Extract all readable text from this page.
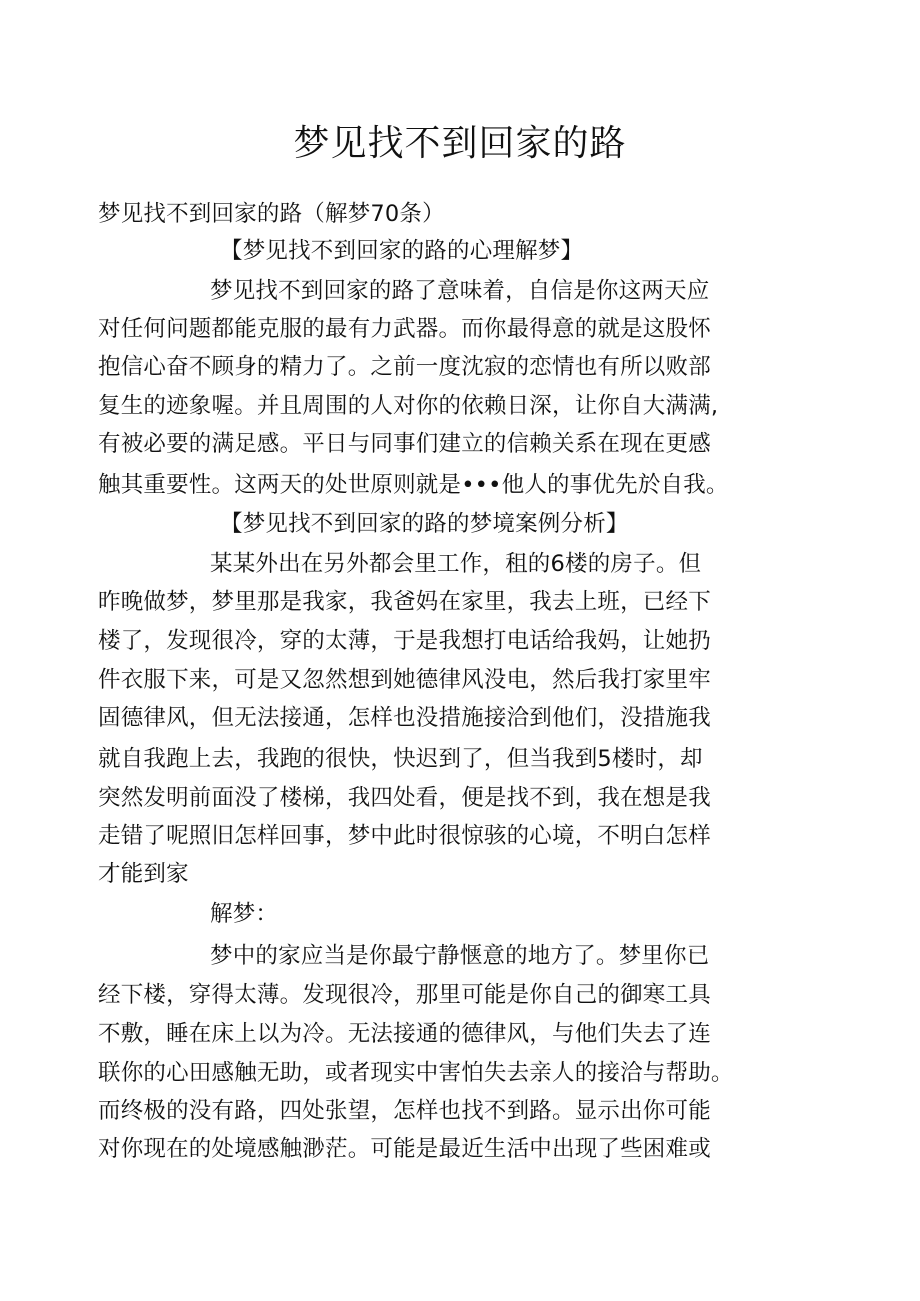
梦见找不到回家的路
梦见找不到回家的路（解梦70条）
【梦见找不到回家的路的心理解梦】
梦见找不到回家的路了意味着，自信是你这两天应
对任何问题都能克服的最有力武器。而你最得意的就是这股怀
抱信心奋不顾身的精力了。之前一度沈寂的恋情也有所以败部
复生的迹象喔。并且周围的人对你的依赖日深，让你自大满满,
有被必要的满足感。平日与同事们建立的信赖关系在现在更感
触其重要性。这两天的处世原则就是•••他人的事优先於自我。
【梦见找不到回家的路的梦境案例分析】
某某外出在另外都会里工作，租的6楼的房子。但
昨晚做梦，梦里那是我家，我爸妈在家里，我去上班，已经下
楼了，发现很冷，穿的太薄，于是我想打电话给我妈，让她扔
件衣服下来，可是又忽然想到她德律风没电，然后我打家里牢
固德律风，但无法接通，怎样也没措施接洽到他们，没措施我
就自我跑上去，我跑的很快，快迟到了，但当我到5楼时，却
突然发明前面没了楼梯，我四处看，便是找不到，我在想是我
走错了呢照旧怎样回事，梦中此时很惊骇的心境，不明白怎样
才能到家
解梦：
梦中的家应当是你最宁静惬意的地方了。梦里你已
经下楼，穿得太薄。发现很冷，那里可能是你自己的御寒工具
不敷，睡在床上以为冷。无法接通的德律风，与他们失去了连
联你的心田感触无助，或者现实中害怕失去亲人的接洽与帮助。
而终极的没有路，四处张望，怎样也找不到路。显示出你可能
对你现在的处境感触渺茫。可能是最近生活中出现了些困难或
